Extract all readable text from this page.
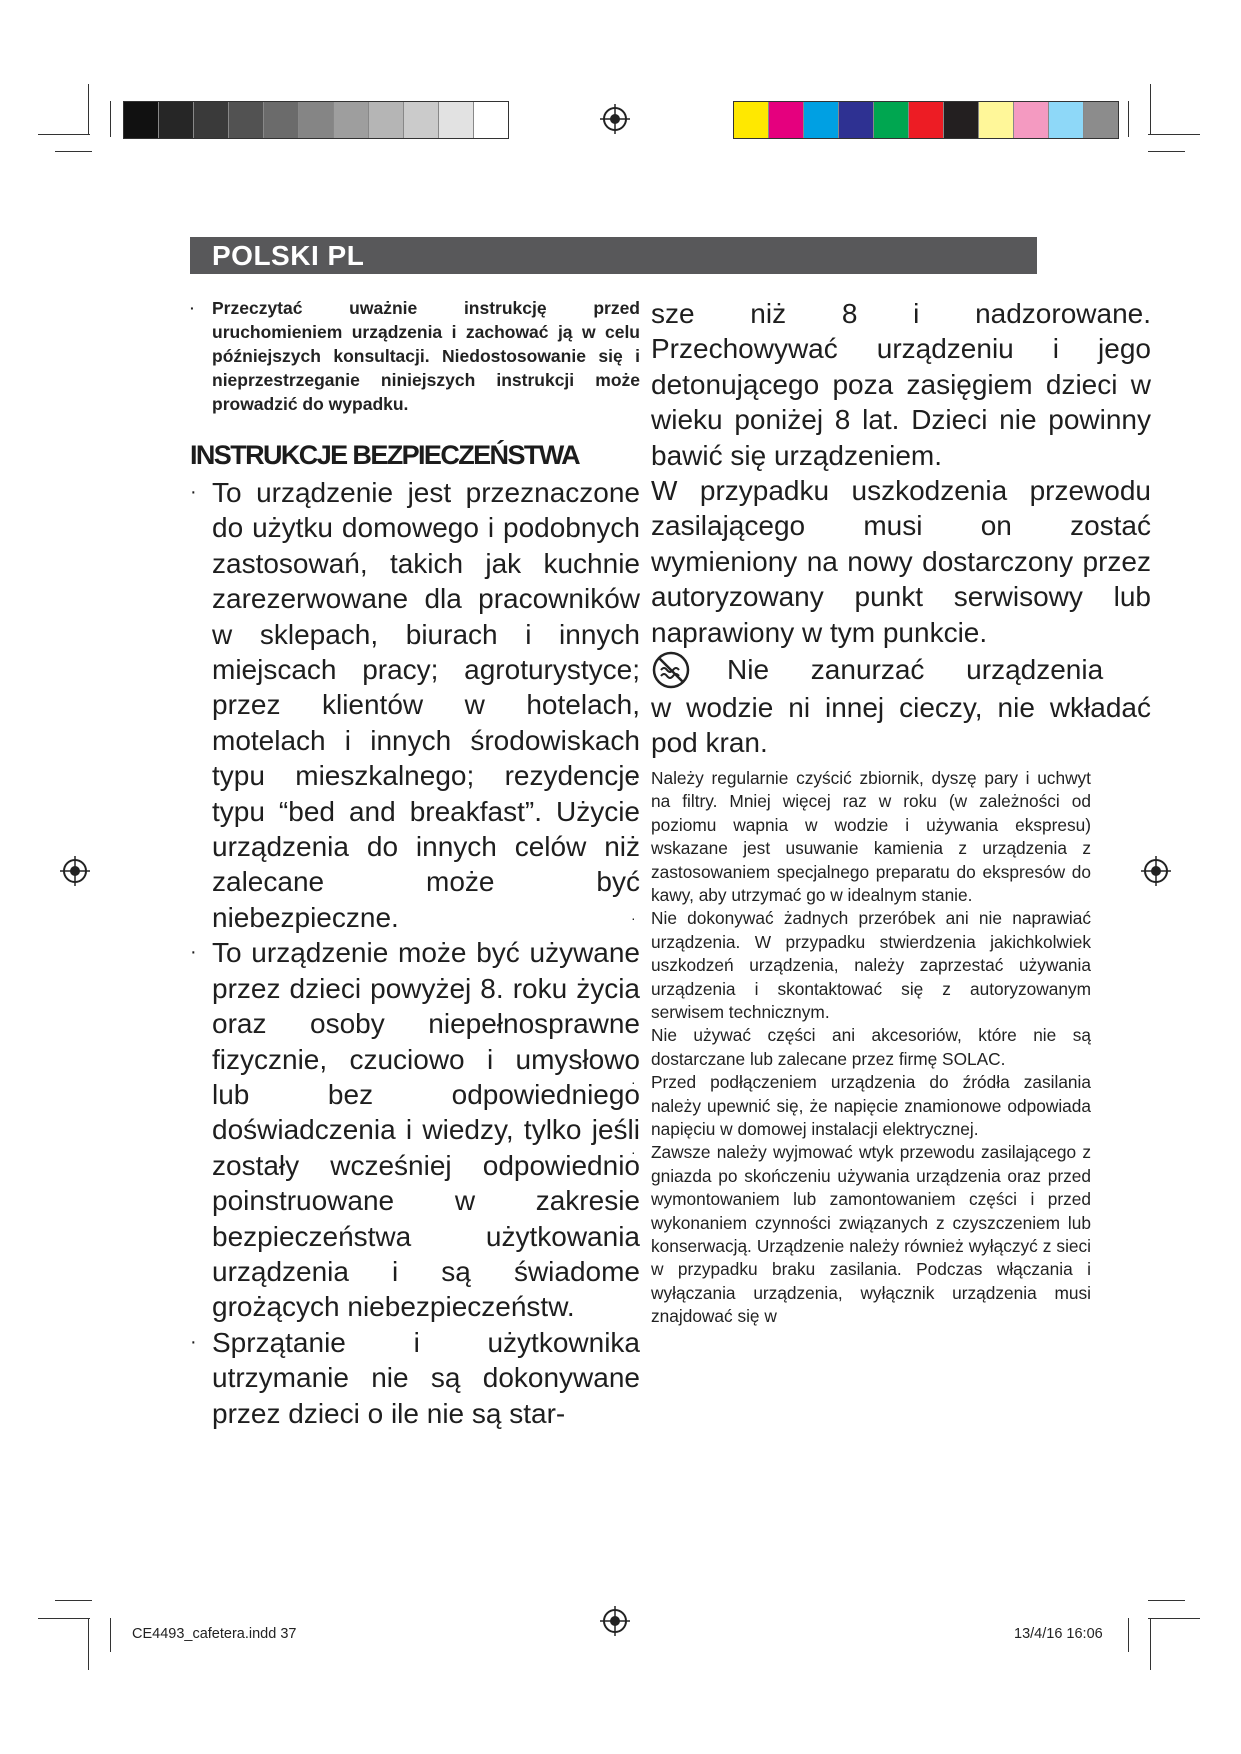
POLSKI PL
· Przeczytać uważnie instrukcję przed uruchomieniem urządzenia i zachować ją w celu późniejszych konsultacji. Niedostosowanie się i nieprzestrzeganie niniejszych instrukcji może prowadzić do wypadku.
INSTRUKCJE BEZPIECZEŃSTWA
· To urządzenie jest przeznaczone do użytku domowego i podobnych zastosowań, takich jak kuchnie zarezerwowane dla pracowników w sklepach, biurach i innych miejscach pracy; agroturystyce; przez klientów w hotelach, motelach i innych środowiskach typu mieszkalnego; rezydencje typu “bed and breakfast”. Użycie urządzenia do innych celów niż zalecane może być niebezpieczne.
· To urządzenie może być używane przez dzieci powyżej 8. roku życia oraz osoby niepełnosprawne fizycznie, czuciowo i umysłowo lub bez odpowiedniego doświadczenia i wiedzy, tylko jeśli zostały wcześniej odpowiednio poinstruowane w zakresie bezpieczeństwa użytkowania urządzenia i są świadome grożących niebezpieczeństw.
· Sprzątanie i użytkownika utrzymanie nie są dokonywane przez dzieci o ile nie są star-
sze niż 8 i nadzorowane. Przechowywać urządzeniu i jego detonującego poza zasięgiem dzieci w wieku poniżej 8 lat. Dzieci nie powinny bawić się urządzeniem.
W przypadku uszkodzenia przewodu zasilającego musi on zostać wymieniony na nowy dostarczony przez autoryzowany punkt serwisowy lub naprawiony w tym punkcie.
Nie zanurzać urządzenia
w wodzie ni innej cieczy, nie wkładać pod kran.
· Należy regularnie czyścić zbiornik, dyszę pary i uchwyt na filtry. Mniej więcej raz w roku (w zależności od poziomu wapnia w wodzie i używania ekspresu) wskazane jest usuwanie kamienia z urządzenia z zastosowaniem specjalnego preparatu do ekspresów do kawy, aby utrzymać go w idealnym stanie.
· Nie dokonywać żadnych przeróbek ani nie naprawiać urządzenia. W przypadku stwierdzenia jakichkolwiek uszkodzeń urządzenia, należy zaprzestać używania urządzenia i skontaktować się z autoryzowanym serwisem technicznym.
Nie używać części ani akcesoriów, które nie są dostarczane lub zalecane przez firmę SOLAC.
· Przed podłączeniem urządzenia do źródła zasilania należy upewnić się, że napięcie znamionowe odpowiada napięciu w domowej instalacji elektrycznej.
· Zawsze należy wyjmować wtyk przewodu zasilającego z gniazda po skończeniu używania urządzenia oraz przed wymontowaniem lub zamontowaniem części i przed wykonaniem czynności związanych z czyszczeniem lub konserwacją. Urządzenie należy również wyłączyć z sieci w przypadku braku zasilania. Podczas włączania i wyłączania urządzenia, wyłącznik urządzenia musi znajdować się w
CE4493_cafetera.indd 37	13/4/16 16:06
